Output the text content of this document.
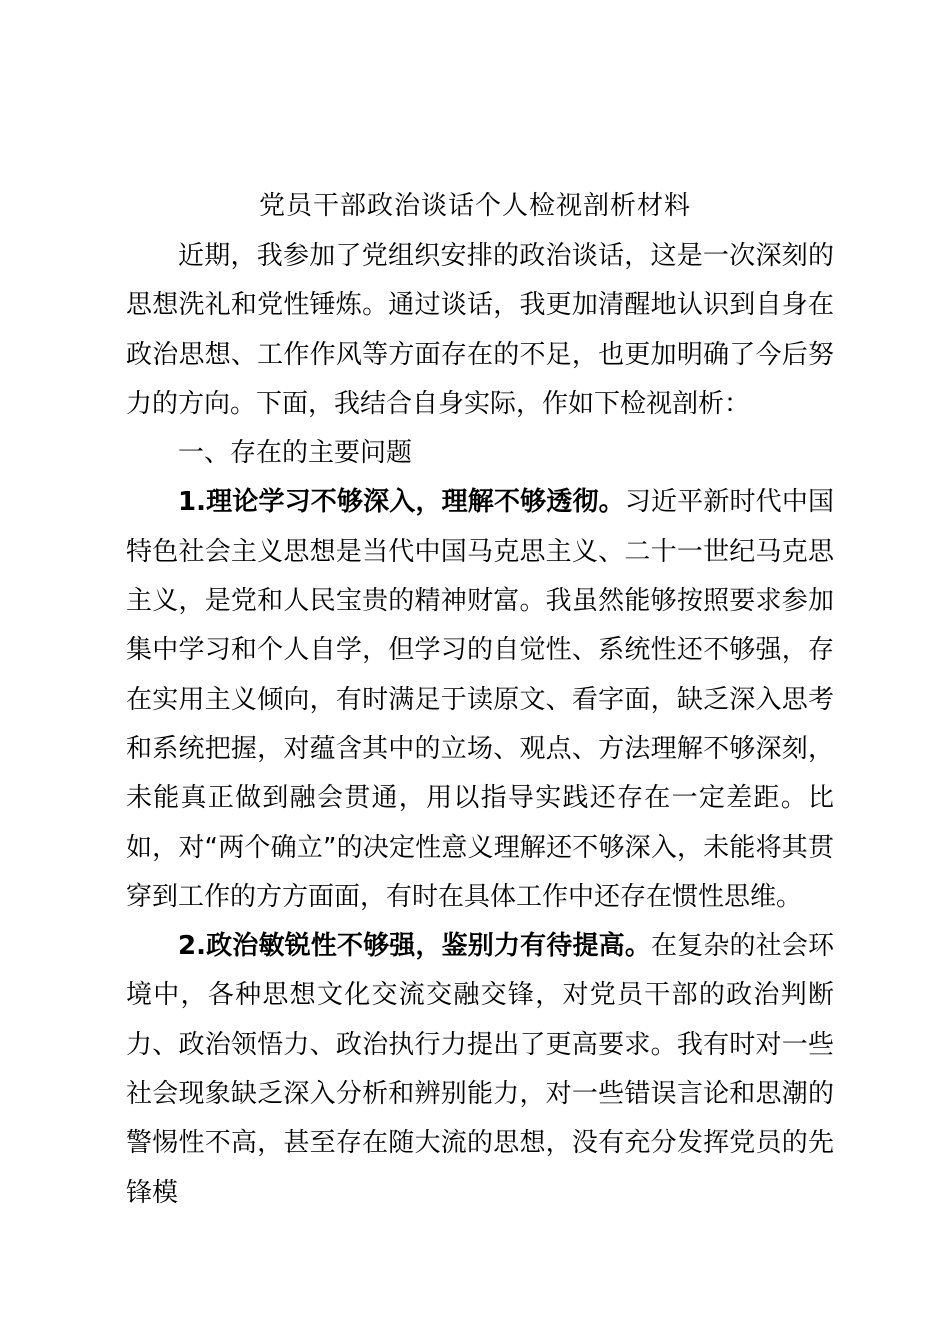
党员干部政治谈话个人检视剖析材料

近期，我参加了党组织安排的政治谈话，这是一次深刻的思想洗礼和党性锤炼。通过谈话，我更加清醒地认识到自身在政治思想、工作作风等方面存在的不足，也更加明确了今后努力的方向。下面，我结合自身实际，作如下检视剖析：

一、存在的主要问题

1.理论学习不够深入，理解不够透彻。习近平新时代中国特色社会主义思想是当代中国马克思主义、二十一世纪马克思主义，是党和人民宝贵的精神财富。我虽然能够按照要求参加集中学习和个人自学，但学习的自觉性、系统性还不够强，存在实用主义倾向，有时满足于读原文、看字面，缺乏深入思考和系统把握，对蕴含其中的立场、观点、方法理解不够深刻，未能真正做到融会贯通，用以指导实践还存在一定差距。比如，对“两个确立”的决定性意义理解还不够深入，未能将其贯穿到工作的方方面面，有时在具体工作中还存在惯性思维。

2.政治敏锐性不够强，鉴别力有待提高。在复杂的社会环境中，各种思想文化交流交融交锋，对党员干部的政治判断力、政治领悟力、政治执行力提出了更高要求。我有时对一些社会现象缺乏深入分析和辨别能力，对一些错误言论和思潮的警惕性不高，甚至存在随大流的思想，没有充分发挥党员的先锋模
